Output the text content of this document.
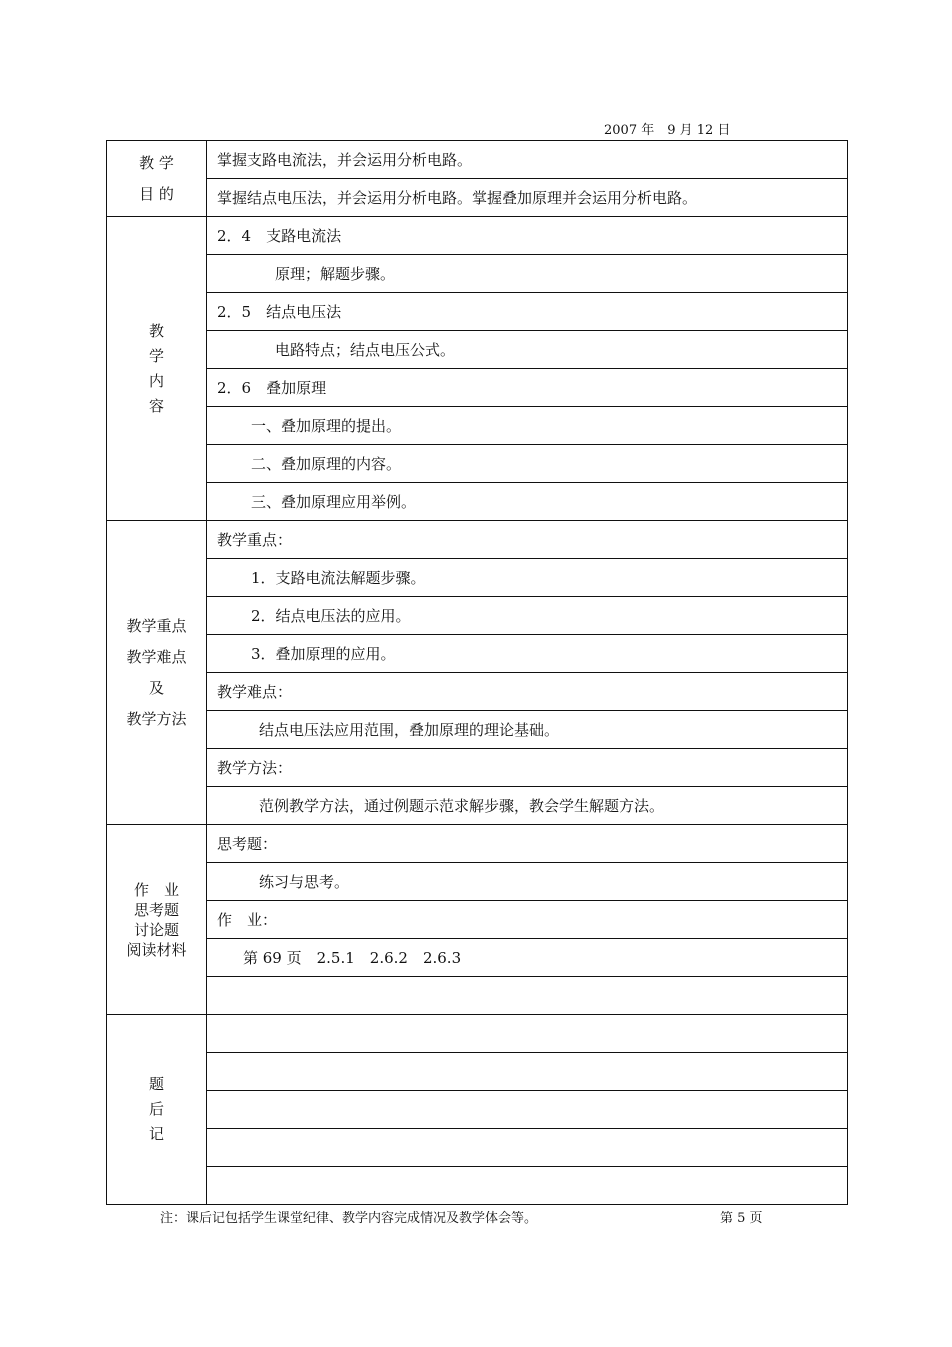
2007 年　9 月 12 日
教 学
目 的	掌握支路电流法，并会运用分析电路。
	掌握结点电压法，并会运用分析电路。掌握叠加原理并会运用分析电路。
教
学
内
容	2．4　支路电流法
	原理；解题步骤。
	2．5　结点电压法
	电路特点；结点电压公式。
	2．6　叠加原理
	一、叠加原理的提出。
	二、叠加原理的内容。
	三、叠加原理应用举例。
教学重点
教学难点
及
教学方法	教学重点：
	1．支路电流法解题步骤。
	2．结点电压法的应用。
	3．叠加原理的应用。
	教学难点：
	结点电压法应用范围，叠加原理的理论基础。
	教学方法：
	范例教学方法，通过例题示范求解步骤，教会学生解题方法。
作　业
思考题
讨论题
阅读材料	思考题：
	练习与思考。
	作　业：
	第 69 页　2.5.1　2.6.2　2.6.3

题
后
记	

注：课后记包括学生课堂纪律、教学内容完成情况及教学体会等。	第 5 页
